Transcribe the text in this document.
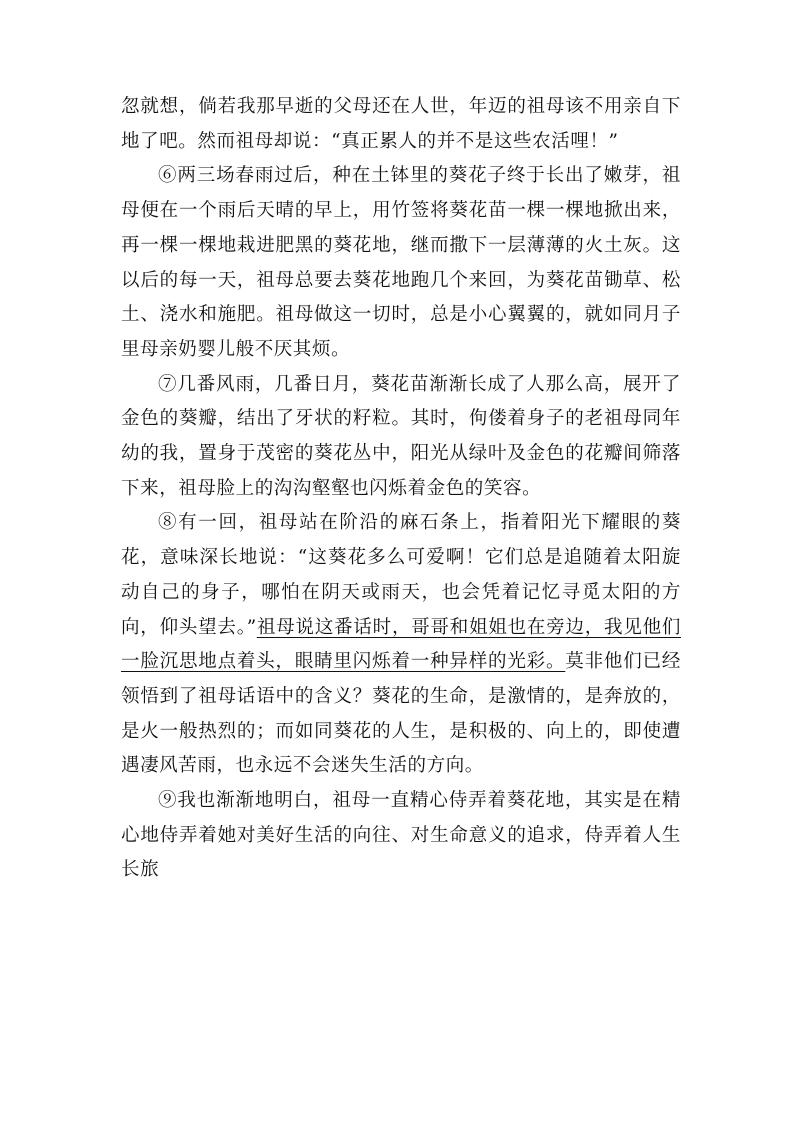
忽就想，倘若我那早逝的父母还在人世，年迈的祖母该不用亲自下地了吧。然而祖母却说：“真正累人的并不是这些农活哩！”

⑥两三场春雨过后，种在土钵里的葵花子终于长出了嫩芽，祖母便在一个雨后天晴的早上，用竹签将葵花苗一棵一棵地掀出来，再一棵一棵地栽进肥黑的葵花地，继而撒下一层薄薄的火土灰。这以后的每一天，祖母总要去葵花地跑几个来回，为葵花苗锄草、松土、浇水和施肥。祖母做这一切时，总是小心翼翼的，就如同月子里母亲奶婴儿般不厌其烦。

⑦几番风雨，几番日月，葵花苗渐渐长成了人那么高，展开了金色的葵瓣，结出了牙状的籽粒。其时，佝偻着身子的老祖母同年幼的我，置身于茂密的葵花丛中，阳光从绿叶及金色的花瓣间筛落下来，祖母脸上的沟沟壑壑也闪烁着金色的笑容。

⑧有一回，祖母站在阶沿的麻石条上，指着阳光下耀眼的葵花，意味深长地说：“这葵花多么可爱啊！它们总是追随着太阳旋动自己的身子，哪怕在阴天或雨天，也会凭着记忆寻觅太阳的方向，仰头望去。”祖母说这番话时，哥哥和姐姐也在旁边，我见他们一脸沉思地点着头，眼睛里闪烁着一种异样的光彩。莫非他们已经领悟到了祖母话语中的含义？葵花的生命，是激情的，是奔放的，是火一般热烈的；而如同葵花的人生，是积极的、向上的，即使遭遇凄风苦雨，也永远不会迷失生活的方向。

⑨我也渐渐地明白，祖母一直精心侍弄着葵花地，其实是在精心地侍弄着她对美好生活的向往、对生命意义的追求，侍弄着人生长旅
